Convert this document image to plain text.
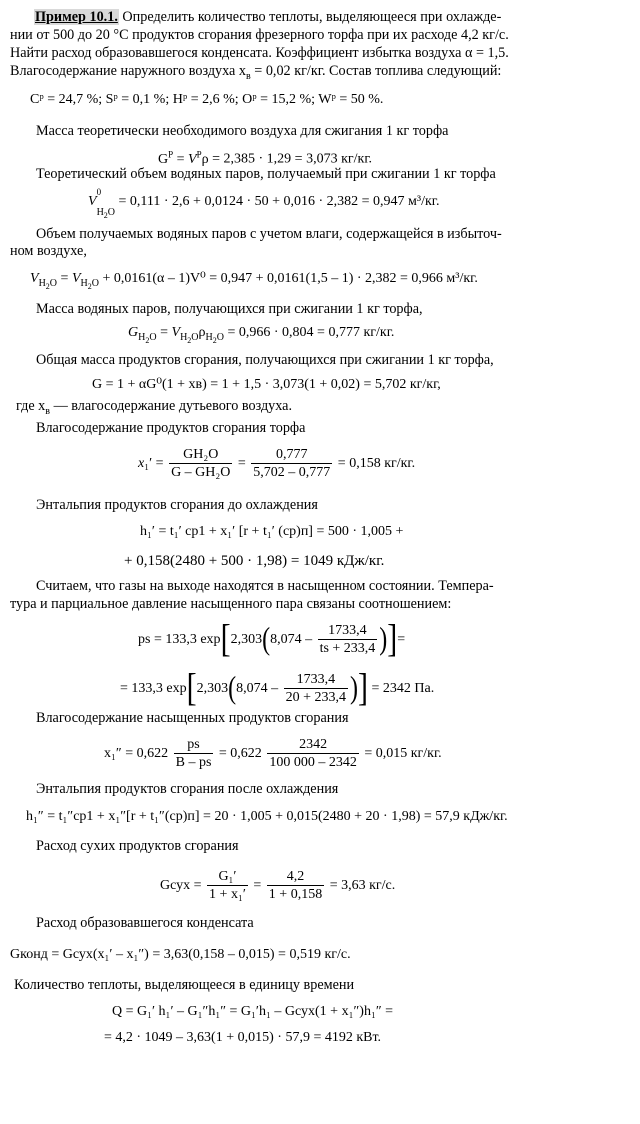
Пример 10.1. Определить количество теплоты, выделяющееся при охлажде-
нии от 500 до 20 °С продуктов сгорания фрезерного торфа при их расходе 4,2 кг/с.
Найти расход образовавшегося конденсата. Коэффициент избытка воздуха α = 1,5.
Влагосодержание наружного воздуха $x_в = 0,02$ кг/кг. Состав топлива следующий:
Cᵖ = 24,7 %; Sᵖ = 0,1 %; Hᵖ = 2,6 %; Oᵖ = 15,2 %; Wᵖ = 50 %.
Масса теоретически необходимого воздуха для сжигания 1 кг торфа
$G^P = V^P\rho = 2,385 \cdot 1,29 = 3,073$ кг/кг.
Теоретический объем водяных паров, получаемый при сжигании 1 кг торфа
V
0
$_{H_2O}$ = 0,111 · 2,6 + 0,0124 · 50 + 0,016 · 2,382 = 0,947 м³/кг.
Объем получаемых водяных паров с учетом влаги, содержащейся в избыточ-
ном воздухе,
$V_{H_2O} = V_{H_2O} + 0,0161(\alpha - 1)V^0 = 0,947 + 0,0161(1,5 - 1) \cdot 2,382 = 0,966$ м³/кг.
Масса водяных паров, получающихся при сжигании 1 кг торфа,
$G_{H_2O} = V_{H_2O}\rho_{H_2O} = 0,966 \cdot 0,804 = 0,777$ кг/кг.
Общая масса продуктов сгорания, получающихся при сжигании 1 кг торфа,
G = 1 + αG⁰(1 + xв) = 1 + 1,5 · 3,073(1 + 0,02) = 5,702 кг/кг,
где $x_в$ — влагосодержание дутьевого воздуха.
Влагосодержание продуктов сгорания торфа
$x_1' = \frac{\text{GH₂O}}{\text{G – GH₂O}} = \frac{0,777}{5,702 - 0,777} = 0,158$ кг/кг.
Энтальпия продуктов сгорания до охлаждения
h₁′ = t₁′ cp1 + x₁′ [r + t₁′ (cp)п] = 500 · 1,005 +
+ 0,158(2480 + 500 · 1,98) = 1049 кДж/кг.
Считаем, что газы на выходе находятся в насыщенном состоянии. Темпера-
тура и парциальное давление насыщенного пара связаны соотношением:
ps = 133,3 $\exp[2,303(8,074 - \frac{1733,4}{ts + 233,4}$ )]=
= 133,3 $\exp[2,303(8,074 - \frac{1733,4}{20 + 233,4}$ )] = 2342 Па.
Влагосодержание насыщенных продуктов сгорания
$x_1'' = 0,622 \frac{ps}{B - ps} = 0,622 \frac{2342}{100 000 - 2342} = 0,015$ кг/кг.
Энтальпия продуктов сгорания после охлаждения
h₁″ = t₁″cp1 + x₁″[r + t₁″(cp)п] = 20 · 1,005 + 0,015(2480 + 20 · 1,98) = 57,9 кДж/кг.
Расход сухих продуктов сгорания
Gсух = $\frac{\text{G₁′}}{\text{1 + x₁′}} = \frac{4,2}{1 + 0,158} = 3,63$ кг/с.
Расход образовавшегося конденсата
Gконд = Gсух(x₁′ – x₁″) = 3,63(0,158 – 0,015) = 0,519 кг/с.
Количество теплоты, выделяющееся в единицу времени
Q = G₁′ h₁′ – G₁″h₁″ = G₁′h₁ – Gсух(1 + x₁″)h₁″ =
= 4,2 · 1049 – 3,63(1 + 0,015) · 57,9 = 4192 кВт.
